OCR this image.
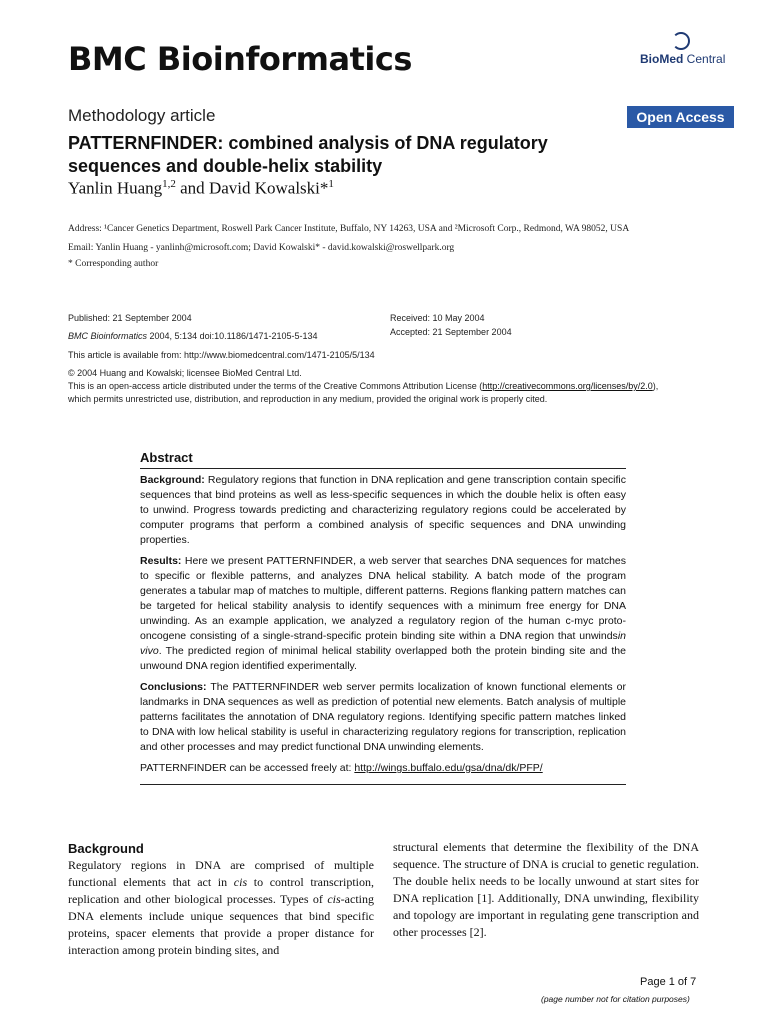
BMC Bioinformatics	BioMed Central
Methodology article	Open Access
PATTERNFINDER: combined analysis of DNA regulatory
sequences and double-helix stability
Yanlin Huang$^{1,2}$ and David Kowalski*$^1$
Address: ¹Cancer Genetics Department, Roswell Park Cancer Institute, Buffalo, NY 14263, USA and ²Microsoft Corp., Redmond, WA 98052, USA
Email: Yanlin Huang - yanlinh@microsoft.com; David Kowalski* - david.kowalski@roswellpark.org
* Corresponding author
Published: 21 September 2004	Received: 10 May 2004
BMC Bioinformatics 2004, 5:134 doi:10.1186/1471-2105-5-134	Accepted: 21 September 2004
This article is available from: http://www.biomedcentral.com/1471-2105/5/134
© 2004 Huang and Kowalski; licensee BioMed Central Ltd.
This is an open-access article distributed under the terms of the Creative Commons Attribution License (http://creativecommons.org/licenses/by/2.0),
which permits unrestricted use, distribution, and reproduction in any medium, provided the original work is properly cited.
Abstract

Background: Regulatory regions that function in DNA replication and gene transcription contain specific sequences that bind proteins as well as less-specific sequences in which the double helix is often easy to unwind. Progress towards predicting and characterizing regulatory regions could be accelerated by computer programs that perform a combined analysis of specific sequences and DNA unwinding properties.

Results: Here we present PATTERNFINDER, a web server that searches DNA sequences for matches to specific or flexible patterns, and analyzes DNA helical stability. A batch mode of the program generates a tabular map of matches to multiple, different patterns. Regions flanking pattern matches can be targeted for helical stability analysis to identify sequences with a minimum free energy for DNA unwinding. As an example application, we analyzed a regulatory region of the human c-myc proto-oncogene consisting of a single-strand-specific protein binding site within a DNA region that unwindsin vivo. The predicted region of minimal helical stability overlapped both the protein binding site and the unwound DNA region identified experimentally.

Conclusions: The PATTERNFINDER web server permits localization of known functional elements or landmarks in DNA sequences as well as prediction of potential new elements. Batch analysis of multiple patterns facilitates the annotation of DNA regulatory regions. Identifying specific pattern matches linked to DNA with low helical stability is useful in characterizing regulatory regions for transcription, replication and other processes and may predict functional DNA unwinding elements.

PATTERNFINDER can be accessed freely at: http://wings.buffalo.edu/gsa/dna/dk/PFP/

Background
Regulatory regions in DNA are comprised of multiple functional elements that act in cis to control transcription, replication and other biological processes. Types of cis-acting DNA elements include unique sequences that bind specific proteins, spacer elements that provide a proper distance for interaction among protein binding sites, and
structural elements that determine the flexibility of the DNA sequence. The structure of DNA is crucial to genetic regulation. The double helix needs to be locally unwound at start sites for DNA replication [1]. Additionally, DNA unwinding, flexibility and topology are important in regulating gene transcription and other processes [2].
Page 1 of 7
(page number not for citation purposes)
